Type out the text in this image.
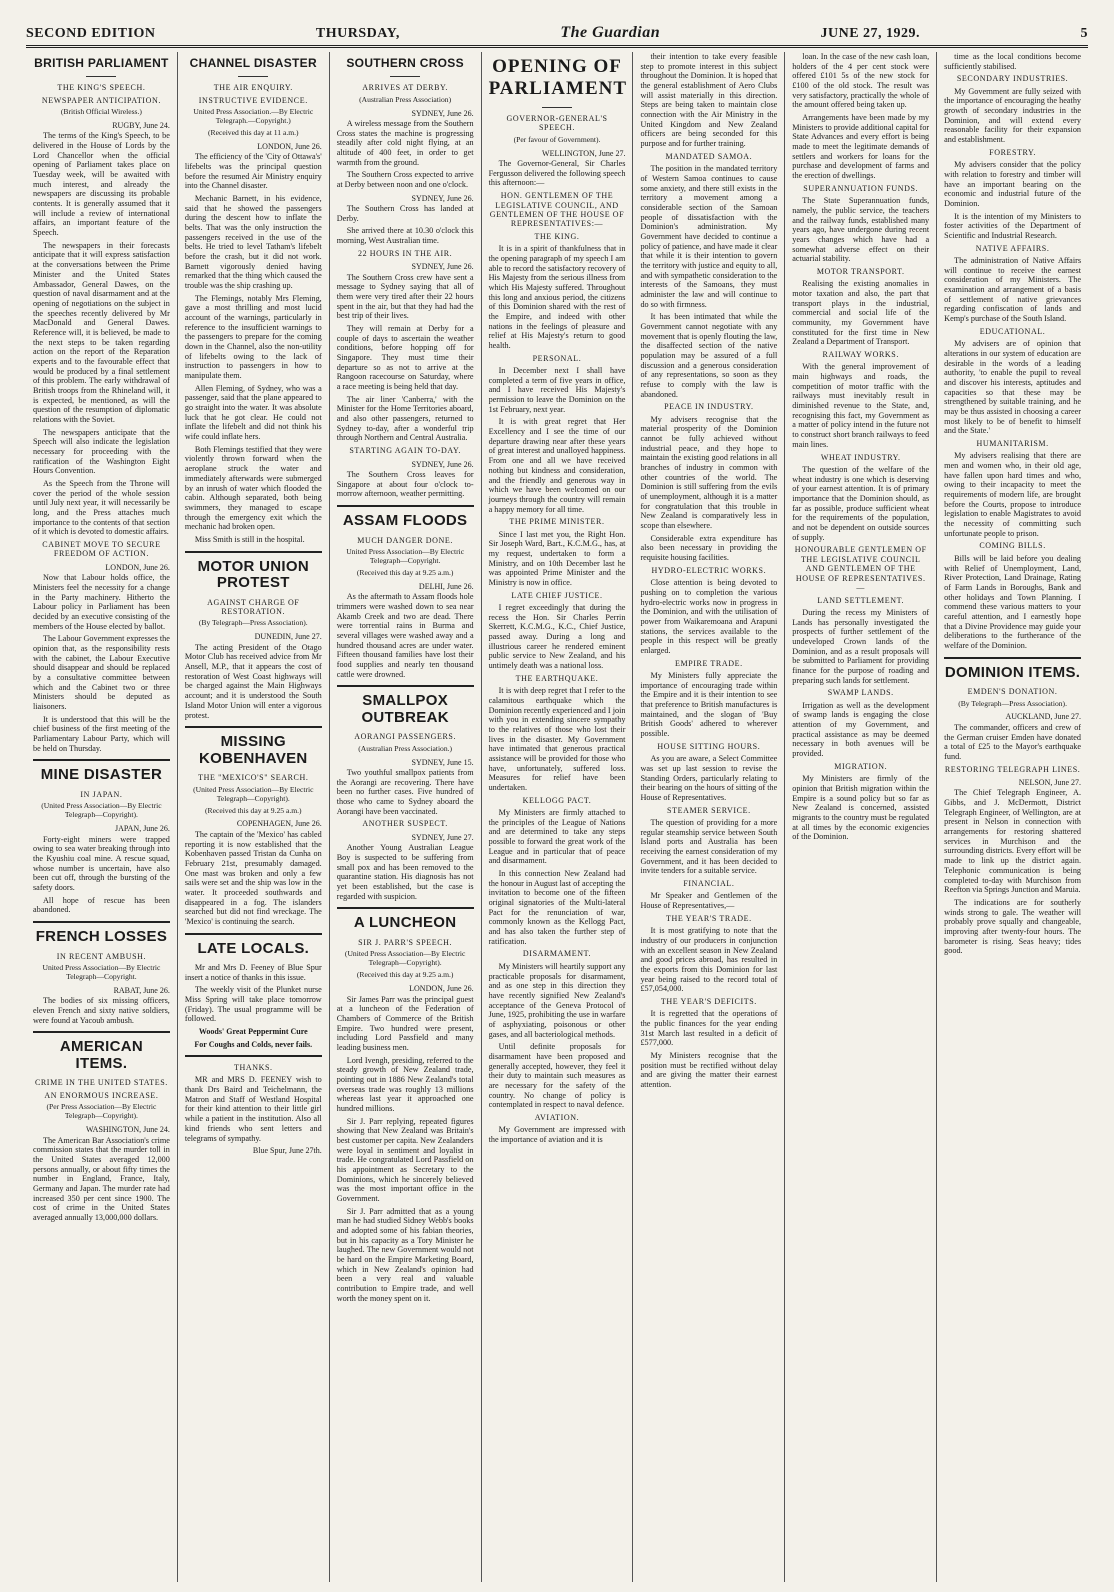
SECOND EDITION	THURSDAY,	The Guardian	JUNE 27, 1929.	5
BRITISH PARLIAMENT
THE KING'S SPEECH.
NEWSPAPER ANTICIPATION.
(British Official Wireless.)
RUGBY, June 24.

The terms of the King's Speech, to be delivered in the House of Lords by the Lord Chancellor when the official opening of Parliament takes place on Tuesday week, will be awaited with much interest, and already the newspapers are discussing its probable contents. It is generally assumed that it will include a review of international affairs, an important feature of the Speech.

The newspapers in their forecasts anticipate that it will express satisfaction at the conversations between the Prime Minister and the United States Ambassador, General Dawes, on the question of naval disarmament and at the opening of negotiations on the subject in the speeches recently delivered by Mr MacDonald and General Dawes. Reference will, it is believed, be made to the next steps to be taken regarding action on the report of the Reparation experts and to the favourable effect that would be produced by a final settlement of this problem. The early withdrawal of British troops from the Rhineland will, it is expected, be mentioned, as will the question of the resumption of diplomatic relations with the Soviet.

The newspapers anticipate that the Speech will also indicate the legislation necessary for proceeding with the ratification of the Washington Eight Hours Convention.

As the Speech from the Throne will cover the period of the whole session until July next year, it will necessarily be long, and the Press attaches much importance to the contents of that section of it which is devoted to domestic affairs.

CABINET MOVE TO SECURE FREEDOM OF ACTION.
LONDON, June 26.

Now that Labour holds office, the Ministers feel the necessity for a change in the Party machinery. Hitherto the Labour policy in Parliament has been decided by an executive consisting of the members of the House elected by ballot.

The Labour Government expresses the opinion that, as the responsibility rests with the cabinet, the Labour Executive should disappear and should be replaced by a consultative committee between which and the Cabinet two or three Ministers should be deputed as liaisoners.

It is understood that this will be the chief business of the first meeting of the Parliamentary Labour Party, which will be held on Thursday.

MINE DISASTER
IN JAPAN.
(United Press Association—By Electric Telegraph—Copyright).
JAPAN, June 26.

Forty-eight miners were trapped owing to sea water breaking through into the Kyushiu coal mine. A rescue squad, whose number is uncertain, have also been cut off, through the bursting of the safety doors.

All hope of rescue has been abandoned.

FRENCH LOSSES
IN RECENT AMBUSH.
United Press Association—By Electric Telegraph—Copyright.
RABAT, June 26.

The bodies of six missing officers, eleven French and sixty native soldiers, were found at Yacoub ambush.

AMERICAN ITEMS.
CRIME IN THE UNITED STATES.
AN ENORMOUS INCREASE.
(Per Press Association—By Electric Telegraph—Copyright).
WASHINGTON, June 24.

The American Bar Association's crime commission states that the murder toll in the United States averaged 12,000 persons annually, or about fifty times the number in England, France, Italy, Germany and Japan. The murder rate had increased 350 per cent since 1900. The cost of crime in the United States averaged annually 13,000,000 dollars.

CHANNEL DISASTER
THE AIR ENQUIRY.
INSTRUCTIVE EVIDENCE.
United Press Association.—By Electric Telegraph.—Copyright.)
(Received this day at 11 a.m.)
LONDON, June 26.

The efficiency of the 'City of Ottawa's' lifebelts was the principal question before the resumed Air Ministry enquiry into the Channel disaster.

Mechanic Barnett, in his evidence, said that he showed the passengers during the descent how to inflate the belts. That was the only instruction the passengers received in the use of the belts. He tried to level Tatham's lifebelt before the crash, but it did not work. Barnett vigorously denied having remarked that the thing which caused the trouble was the ship crashing up.

The Flemings, notably Mrs Fleming, gave a most thrilling and most lucid account of the warnings, particularly in reference to the insufficient warnings to the passengers to prepare for the coming down in the Channel, also the non-utility of lifebelts owing to the lack of instruction to passengers in how to manipulate them.

Allen Fleming, of Sydney, who was a passenger, said that the plane appeared to go straight into the water. It was absolute luck that he got clear. He could not inflate the lifebelt and did not think his wife could inflate hers.

Both Flemings testified that they were violently thrown forward when the aeroplane struck the water and immediately afterwards were submerged by an inrush of water which flooded the cabin. Although separated, both being swimmers, they managed to escape through the emergency exit which the mechanic had broken open.

Miss Smith is still in the hospital.

MOTOR UNION PROTEST
AGAINST CHARGE OF RESTORATION.
(By Telegraph—Press Association).
DUNEDIN, June 27.

The acting President of the Otago Motor Club has received advice from Mr Ansell, M.P., that it appears the cost of restoration of West Coast highways will be charged against the Main Highways account; and it is understood the South Island Motor Union will enter a vigorous protest.

MISSING KOBENHAVEN
THE "MEXICO'S" SEARCH.
(United Press Association—By Electric Telegraph—Copyright).
(Received this day at 9.25 a.m.)
COPENHAGEN, June 26.

The captain of the 'Mexico' has cabled reporting it is now established that the Kobenhaven passed Tristan da Cunha on February 21st, presumably damaged. One mast was broken and only a few sails were set and the ship was low in the water. It proceeded southwards and disappeared in a fog. The islanders searched but did not find wreckage. The 'Mexico' is continuing the search.

LATE LOCALS.

Mr and Mrs D. Feeney of Blue Spur insert a notice of thanks in this issue.

The weekly visit of the Plunket nurse Miss Spring will take place tomorrow (Friday). The usual programme will be followed.

Woods' Great Peppermint Cure
For Coughs and Colds, never fails.
THANKS.

MR and MRS D. FEENEY wish to thank Drs Baird and Teichelmann, the Matron and Staff of Westland Hospital for their kind attention to their little girl while a patient in the institution. Also all kind friends who sent letters and telegrams of sympathy.

Blue Spur, June 27th.
SOUTHERN CROSS
ARRIVES AT DERBY.
(Australian Press Association)
SYDNEY, June 26.

A wireless message from the Southern Cross states the machine is progressing steadily after cold night flying, at an altitude of 400 feet, in order to get warmth from the ground.

The Southern Cross expected to arrive at Derby between noon and one o'clock.

SYDNEY, June 26.

The Southern Cross has landed at Derby.

She arrived there at 10.30 o'clock this morning, West Australian time.

22 HOURS IN THE AIR.
SYDNEY, June 26.

The Southern Cross crew have sent a message to Sydney saying that all of them were very tired after their 22 hours spent in the air, but that they had had the best trip of their lives.

They will remain at Derby for a couple of days to ascertain the weather conditions, before hopping off for Singapore. They must time their departure so as not to arrive at the Rangoon racecourse on Saturday, where a race meeting is being held that day.

The air liner 'Canberra,' with the Minister for the Home Territories aboard, and also other passengers, returned to Sydney to-day, after a wonderful trip through Northern and Central Australia.

STARTING AGAIN TO-DAY.
SYDNEY, June 26.

The Southern Cross leaves for Singapore at about four o'clock to-morrow afternoon, weather permitting.

ASSAM FLOODS
MUCH DANGER DONE.
United Press Association—By Electric Telegraph—Copyright.
(Received this day at 9.25 a.m.)
DELHI, June 26.

As the aftermath to Assam floods hole trimmers were washed down to sea near Akamb Creek and two are dead. There were torrential rains in Burma and several villages were washed away and a hundred thousand acres are under water. Fifteen thousand families have lost their food supplies and nearly ten thousand cattle were drowned.

SMALLPOX OUTBREAK
AORANGI PASSENGERS.
(Australian Press Association.)
SYDNEY, June 15.

Two youthful smallpox patients from the Aorangi are recovering. There have been no further cases. Five hundred of those who came to Sydney aboard the Aorangi have been vaccinated.

ANOTHER SUSPECT.
SYDNEY, June 27.

Another Young Australian League Boy is suspected to be suffering from small pox and has been removed to the quarantine station. His diagnosis has not yet been established, but the case is regarded with suspicion.

A LUNCHEON
SIR J. PARR'S SPEECH.
(United Press Association—By Electric Telegraph—Copyright).
(Received this day at 9.25 a.m.)
LONDON, June 26.

Sir James Parr was the principal guest at a luncheon of the Federation of Chambers of Commerce of the British Empire. Two hundred were present, including Lord Passfield and many leading business men.

Lord Ivengh, presiding, referred to the steady growth of New Zealand trade, pointing out in 1886 New Zealand's total overseas trade was roughly 13 millions whereas last year it approached one hundred millions.

Sir J. Parr replying, repeated figures showing that New Zealand was Britain's best customer per capita. New Zealanders were loyal in sentiment and loyalist in trade. He congratulated Lord Passfield on his appointment as Secretary to the Dominions, which he sincerely believed was the most important office in the Government.

Sir J. Parr admitted that as a young man he had studied Sidney Webb's books and adopted some of his fabian theories, but in his capacity as a Tory Minister he laughed. The new Government would not be hard on the Empire Marketing Board, which in New Zealand's opinion had been a very real and valuable contribution to Empire trade, and well worth the money spent on it.

OPENING OF PARLIAMENT
GOVERNOR-GENERAL'S SPEECH.
(Per favour of Government).
WELLINGTON, June 27.

The Governor-General, Sir Charles Fergusson delivered the following speech this afternoon:—

HON. GENTLEMEN OF THE LEGISLATIVE COUNCIL, AND GENTLEMEN OF THE HOUSE OF REPRESENTATIVES:—
THE KING.

It is in a spirit of thankfulness that in the opening paragraph of my speech I am able to record the satisfactory recovery of His Majesty from the serious illness from which His Majesty suffered. Throughout this long and anxious period, the citizens of this Dominion shared with the rest of the Empire, and indeed with other nations in the feelings of pleasure and relief at His Majesty's return to good health.

PERSONAL.

In December next I shall have completed a term of five years in office, and I have received His Majesty's permission to leave the Dominion on the 1st February, next year.

It is with great regret that Her Excellency and I see the time of our departure drawing near after these years of great interest and unalloyed happiness. From one and all we have received nothing but kindness and consideration, and the friendly and generous way in which we have been welcomed on our journeys through the country will remain a happy memory for all time.

THE PRIME MINISTER.

Since I last met you, the Right Hon. Sir Joseph Ward, Bart., K.C.M.G., has, at my request, undertaken to form a Ministry, and on 10th December last he was appointed Prime Minister and the Ministry is now in office.

LATE CHIEF JUSTICE.

I regret exceedingly that during the recess the Hon. Sir Charles Perrin Skerrett, K.C.M.G., K.C., Chief Justice, passed away. During a long and illustrious career he rendered eminent public service to New Zealand, and his untimely death was a national loss.

THE EARTHQUAKE.

It is with deep regret that I refer to the calamitous earthquake which the Dominion recently experienced and I join with you in extending sincere sympathy to the relatives of those who lost their lives in the disaster. My Government have intimated that generous practical assistance will be provided for those who have, unfortunately, suffered loss. Measures for relief have been undertaken.

KELLOGG PACT.

My Ministers are firmly attached to the principles of the League of Nations and are determined to take any steps possible to forward the great work of the League and in particular that of peace and disarmament.

In this connection New Zealand had the honour in August last of accepting the invitation to become one of the fifteen original signatories of the Multi-lateral Pact for the renunciation of war, commonly known as the Kellogg Pact, and has also taken the further step of ratification.

DISARMAMENT.

My Ministers will heartily support any practicable proposals for disarmament, and as one step in this direction they have recently signified New Zealand's acceptance of the Geneva Protocol of June, 1925, prohibiting the use in warfare of asphyxiating, poisonous or other gases, and all bacteriological methods.

Until definite proposals for disarmament have been proposed and generally accepted, however, they feel it their duty to maintain such measures as are necessary for the safety of the country. No change of policy is contemplated in respect to naval defence.

AVIATION.

My Government are impressed with the importance of aviation and it is

their intention to take every feasible step to promote interest in this subject throughout the Dominion. It is hoped that the general establishment of Aero Clubs will assist materially in this direction. Steps are being taken to maintain close connection with the Air Ministry in the United Kingdom and New Zealand officers are being seconded for this purpose and for further training.

MANDATED SAMOA.

The position in the mandated territory of Western Samoa continues to cause some anxiety, and there still exists in the territory a movement among a considerable section of the Samoan people of dissatisfaction with the Dominion's administration. My Government have decided to continue a policy of patience, and have made it clear that while it is their intention to govern the territory with justice and equity to all, and with sympathetic consideration to the interests of the Samoans, they must administer the law and will continue to do so with firmness.

It has been intimated that while the Government cannot negotiate with any movement that is openly flouting the law, the disaffected section of the native population may be assured of a full discussion and a generous consideration of any representations, so soon as they refuse to comply with the law is abandoned.

PEACE IN INDUSTRY.

My advisers recognise that the material prosperity of the Dominion cannot be fully achieved without industrial peace, and they hope to maintain the existing good relations in all branches of industry in common with other countries of the world. The Dominion is still suffering from the evils of unemployment, although it is a matter for congratulation that this trouble in New Zealand is comparatively less in scope than elsewhere.

Considerable extra expenditure has also been necessary in providing the requisite housing facilities.

HYDRO-ELECTRIC WORKS.

Close attention is being devoted to pushing on to completion the various hydro-electric works now in progress in the Dominion, and with the utilisation of power from Waikaremoana and Arapuni stations, the services available to the people in this respect will be greatly enlarged.

EMPIRE TRADE.

My Ministers fully appreciate the importance of encouraging trade within the Empire and it is their intention to see that preference to British manufactures is maintained, and the slogan of 'Buy British Goods' adhered to wherever possible.

HOUSE SITTING HOURS.

As you are aware, a Select Committee was set up last session to revise the Standing Orders, particularly relating to their bearing on the hours of sitting of the House of Representatives.

STEAMER SERVICE.

The question of providing for a more regular steamship service between South Island ports and Australia has been receiving the earnest consideration of my Government, and it has been decided to invite tenders for a suitable service.

FINANCIAL.

Mr Speaker and Gentlemen of the House of Representatives,—

THE YEAR'S TRADE.

It is most gratifying to note that the industry of our producers in conjunction with an excellent season in New Zealand and good prices abroad, has resulted in the exports from this Dominion for last year being raised to the record total of £57,054,000.

THE YEAR'S DEFICITS.

It is regretted that the operations of the public finances for the year ending 31st March last resulted in a deficit of £577,000.

My Ministers recognise that the position must be rectified without delay and are giving the matter their earnest attention.

loan. In the case of the new cash loan, holders of the 4 per cent stock were offered £101 5s of the new stock for £100 of the old stock. The result was very satisfactory, practically the whole of the amount offered being taken up.

Arrangements have been made by my Ministers to provide additional capital for State Advances and every effort is being made to meet the legitimate demands of settlers and workers for loans for the purchase and development of farms and the erection of dwellings.

SUPERANNUATION FUNDS.

The State Superannuation funds, namely, the public service, the teachers and the railway funds, established many years ago, have undergone during recent years changes which have had a somewhat adverse effect on their actuarial stability.

MOTOR TRANSPORT.

Realising the existing anomalies in motor taxation and also, the part that transport plays in the industrial, commercial and social life of the community, my Government have constituted for the first time in New Zealand a Department of Transport.

RAILWAY WORKS.

With the general improvement of main highways and roads, the competition of motor traffic with the railways must inevitably result in diminished revenue to the State, and, recognising this fact, my Government as a matter of policy intend in the future not to construct short branch railways to feed main lines.

WHEAT INDUSTRY.

The question of the welfare of the wheat industry is one which is deserving of your earnest attention. It is of primary importance that the Dominion should, as far as possible, produce sufficient wheat for the requirements of the population, and not be dependent on outside sources of supply.

HONOURABLE GENTLEMEN OF THE LEGISLATIVE COUNCIL AND GENTLEMEN OF THE HOUSE OF REPRESENTATIVES.—
LAND SETTLEMENT.

During the recess my Ministers of Lands has personally investigated the prospects of further settlement of the undeveloped Crown lands of the Dominion, and as a result proposals will be submitted to Parliament for providing finance for the purpose of roading and preparing such lands for settlement.

SWAMP LANDS.

Irrigation as well as the development of swamp lands is engaging the close attention of my Government, and practical assistance as may be deemed necessary in both avenues will be provided.

MIGRATION.

My Ministers are firmly of the opinion that British migration within the Empire is a sound policy but so far as New Zealand is concerned, assisted migrants to the country must be regulated at all times by the economic exigencies of the Dominion.

time as the local conditions become sufficiently stabilised.

SECONDARY INDUSTRIES.

My Government are fully seized with the importance of encouraging the heathy growth of secondary industries in the Dominion, and will extend every reasonable facility for their expansion and establishment.

FORESTRY.

My advisers consider that the policy with relation to forestry and timber will have an important bearing on the economic and industrial future of the Dominion.

It is the intention of my Ministers to foster activities of the Department of Scientific and Industrial Research.

NATIVE AFFAIRS.

The administration of Native Affairs will continue to receive the earnest consideration of my Ministers. The examination and arrangement of a basis of settlement of native grievances regarding confiscation of lands and Kemp's purchase of the South Island.

EDUCATIONAL.

My advisers are of opinion that alterations in our system of education are desirable in the words of a leading authority, 'to enable the pupil to reveal and discover his interests, aptitudes and capacities so that these may be strengthened by suitable training, and he may be thus assisted in choosing a career most likely to be of benefit to himself and the State.'

HUMANITARISM.

My advisers realising that there are men and women who, in their old age, have fallen upon hard times and who, owing to their incapacity to meet the requirements of modern life, are brought before the Courts, propose to introduce legislation to enable Magistrates to avoid the necessity of committing such unfortunate people to prison.

COMING BILLS.

Bills will be laid before you dealing with Relief of Unemployment, Land, River Protection, Land Drainage, Rating of Farm Lands in Boroughs, Bank and other holidays and Town Planning. I commend these various matters to your careful attention, and I earnestly hope that a Divine Providence may guide your deliberations to the furtherance of the welfare of the Dominion.

DOMINION ITEMS.
EMDEN'S DONATION.
(By Telegraph—Press Association).
AUCKLAND, June 27.

The commander, officers and crew of the German cruiser Emden have donated a total of £25 to the Mayor's earthquake fund.

RESTORING TELEGRAPH LINES.
NELSON, June 27.

The Chief Telegraph Engineer, A. Gibbs, and J. McDermott, District Telegraph Engineer, of Wellington, are at present in Nelson in connection with arrangements for restoring shattered services in Murchison and the surrounding districts. Every effort will be made to link up the district again. Telephonic communication is being completed to-day with Murchison from Reefton via Springs Junction and Maruia.

The indications are for southerly winds strong to gale. The weather will probably prove squally and changeable, improving after twenty-four hours. The barometer is rising. Seas heavy; tides good.
